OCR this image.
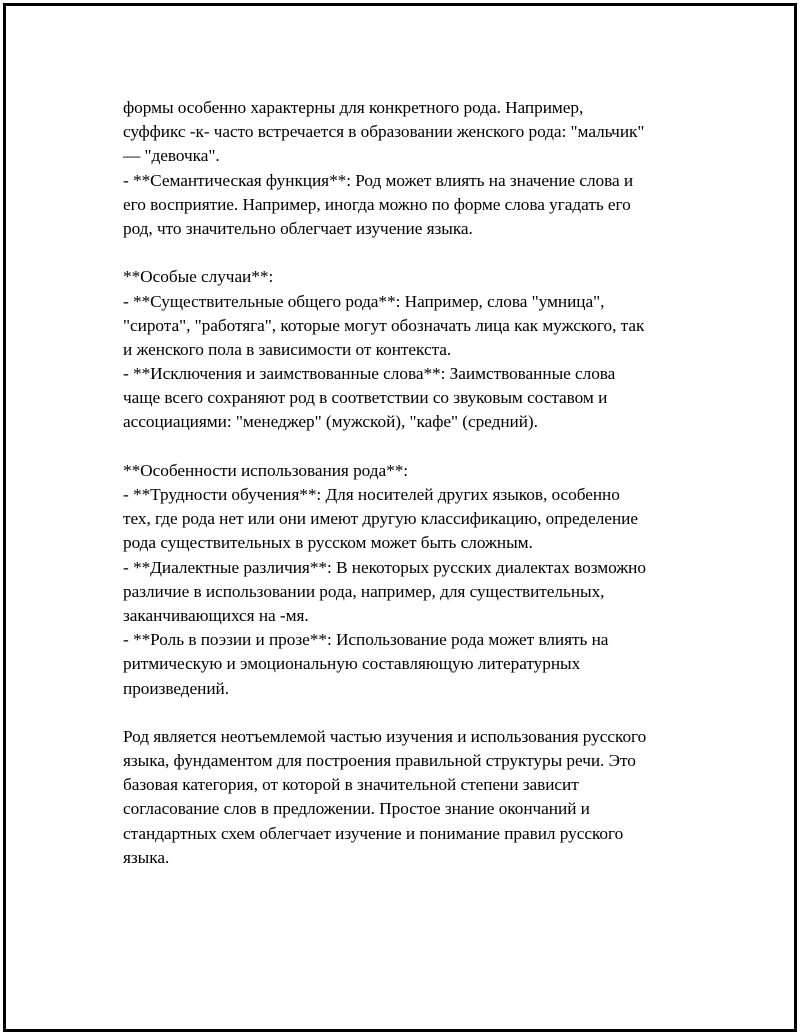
формы особенно характерны для конкретного рода. Например,
суффикс -к- часто встречается в образовании женского рода: "мальчик"
— "девочка".
- **Семантическая функция**: Род может влиять на значение слова и
его восприятие. Например, иногда можно по форме слова угадать его
род, что значительно облегчает изучение языка.
**Особые случаи**:
- **Существительные общего рода**: Например, слова "умница",
"сирота", "работяга", которые могут обозначать лица как мужского, так
и женского пола в зависимости от контекста.
- **Исключения и заимствованные слова**: Заимствованные слова
чаще всего сохраняют род в соответствии со звуковым составом и
ассоциациями: "менеджер" (мужской), "кафе" (средний).
**Особенности использования рода**:
- **Трудности обучения**: Для носителей других языков, особенно
тех, где рода нет или они имеют другую классификацию, определение
рода существительных в русском может быть сложным.
- **Диалектные различия**: В некоторых русских диалектах возможно
различие в использовании рода, например, для существительных,
заканчивающихся на -мя.
- **Роль в поэзии и прозе**: Использование рода может влиять на
ритмическую и эмоциональную составляющую литературных
произведений.
Род является неотъемлемой частью изучения и использования русского
языка, фундаментом для построения правильной структуры речи. Это
базовая категория, от которой в значительной степени зависит
согласование слов в предложении. Простое знание окончаний и
стандартных схем облегчает изучение и понимание правил русского
языка.
